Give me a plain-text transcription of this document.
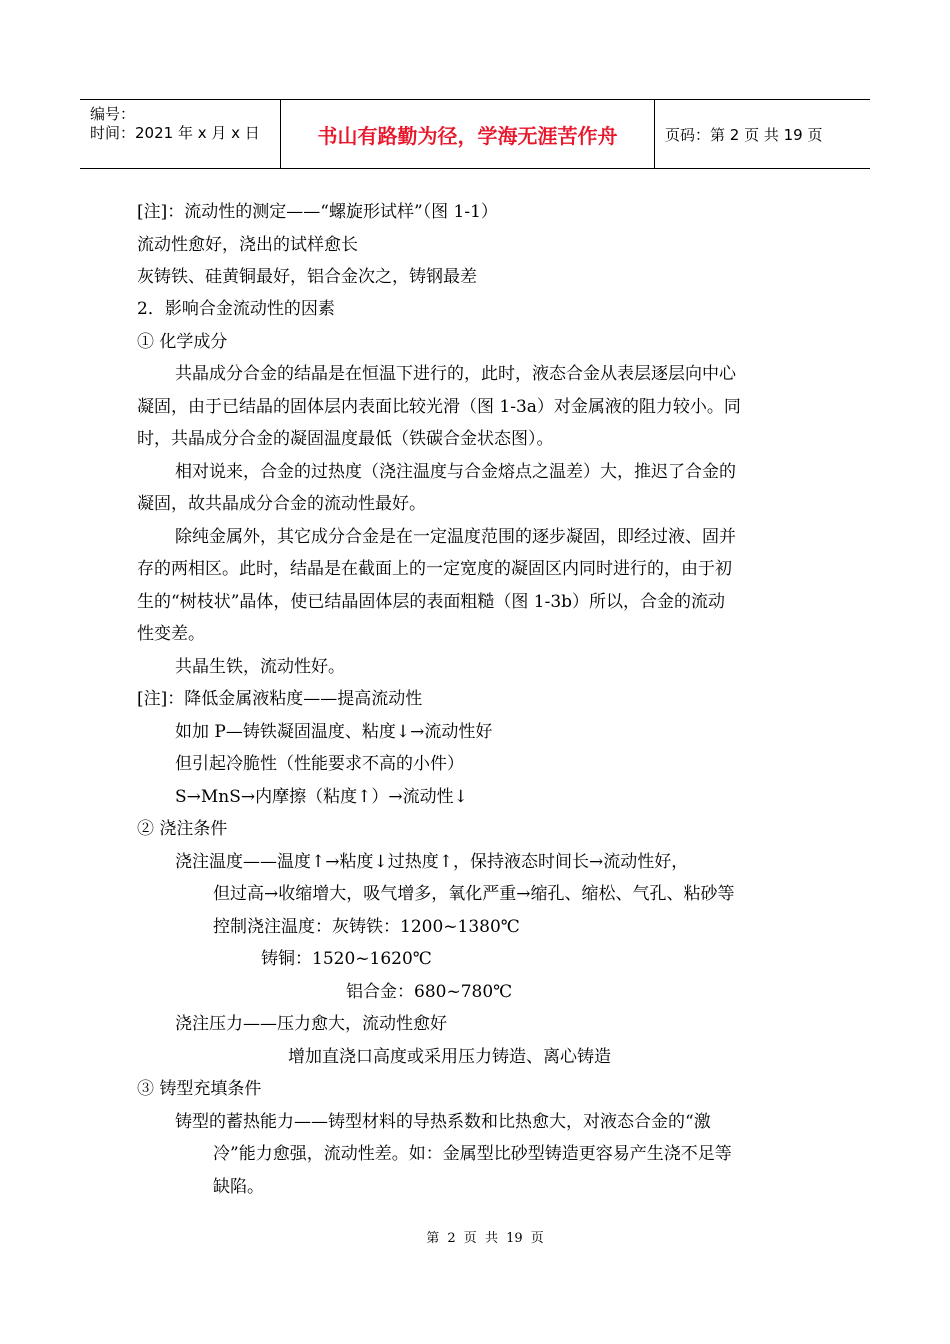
编号：
时间：2021 年 x 月 x 日	书山有路勤为径，学海无涯苦作舟	页码：第 2 页 共 19 页
[注]：流动性的测定——“螺旋形试样”（图 1-1）
流动性愈好，浇出的试样愈长
灰铸铁、硅黄铜最好，铝合金次之，铸钢最差
2．影响合金流动性的因素
① 化学成分
共晶成分合金的结晶是在恒温下进行的，此时，液态合金从表层逐层向中心
凝固，由于已结晶的固体层内表面比较光滑（图 1-3a）对金属液的阻力较小。同
时，共晶成分合金的凝固温度最低（铁碳合金状态图）。
相对说来，合金的过热度（浇注温度与合金熔点之温差）大，推迟了合金的
凝固，故共晶成分合金的流动性最好。
除纯金属外，其它成分合金是在一定温度范围的逐步凝固，即经过液、固并
存的两相区。此时，结晶是在截面上的一定宽度的凝固区内同时进行的，由于初
生的“树枝状”晶体，使已结晶固体层的表面粗糙（图 1-3b）所以，合金的流动
性变差。
共晶生铁，流动性好。
[注]：降低金属液粘度——提高流动性
如加 P—铸铁凝固温度、粘度↓→流动性好
但引起冷脆性（性能要求不高的小件）
S→MnS→内摩擦（粘度↑）→流动性↓
② 浇注条件
浇注温度——温度↑→粘度↓过热度↑，保持液态时间长→流动性好，
但过高→收缩增大，吸气增多，氧化严重→缩孔、缩松、气孔、粘砂等
控制浇注温度：灰铸铁：1200~1380℃
铸铜：1520~1620℃
铝合金：680~780℃
浇注压力——压力愈大，流动性愈好
增加直浇口高度或采用压力铸造、离心铸造
③ 铸型充填条件
铸型的蓄热能力——铸型材料的导热系数和比热愈大，对液态合金的“激
冷”能力愈强，流动性差。如：金属型比砂型铸造更容易产生浇不足等
缺陷。
第 2 页 共 19 页
